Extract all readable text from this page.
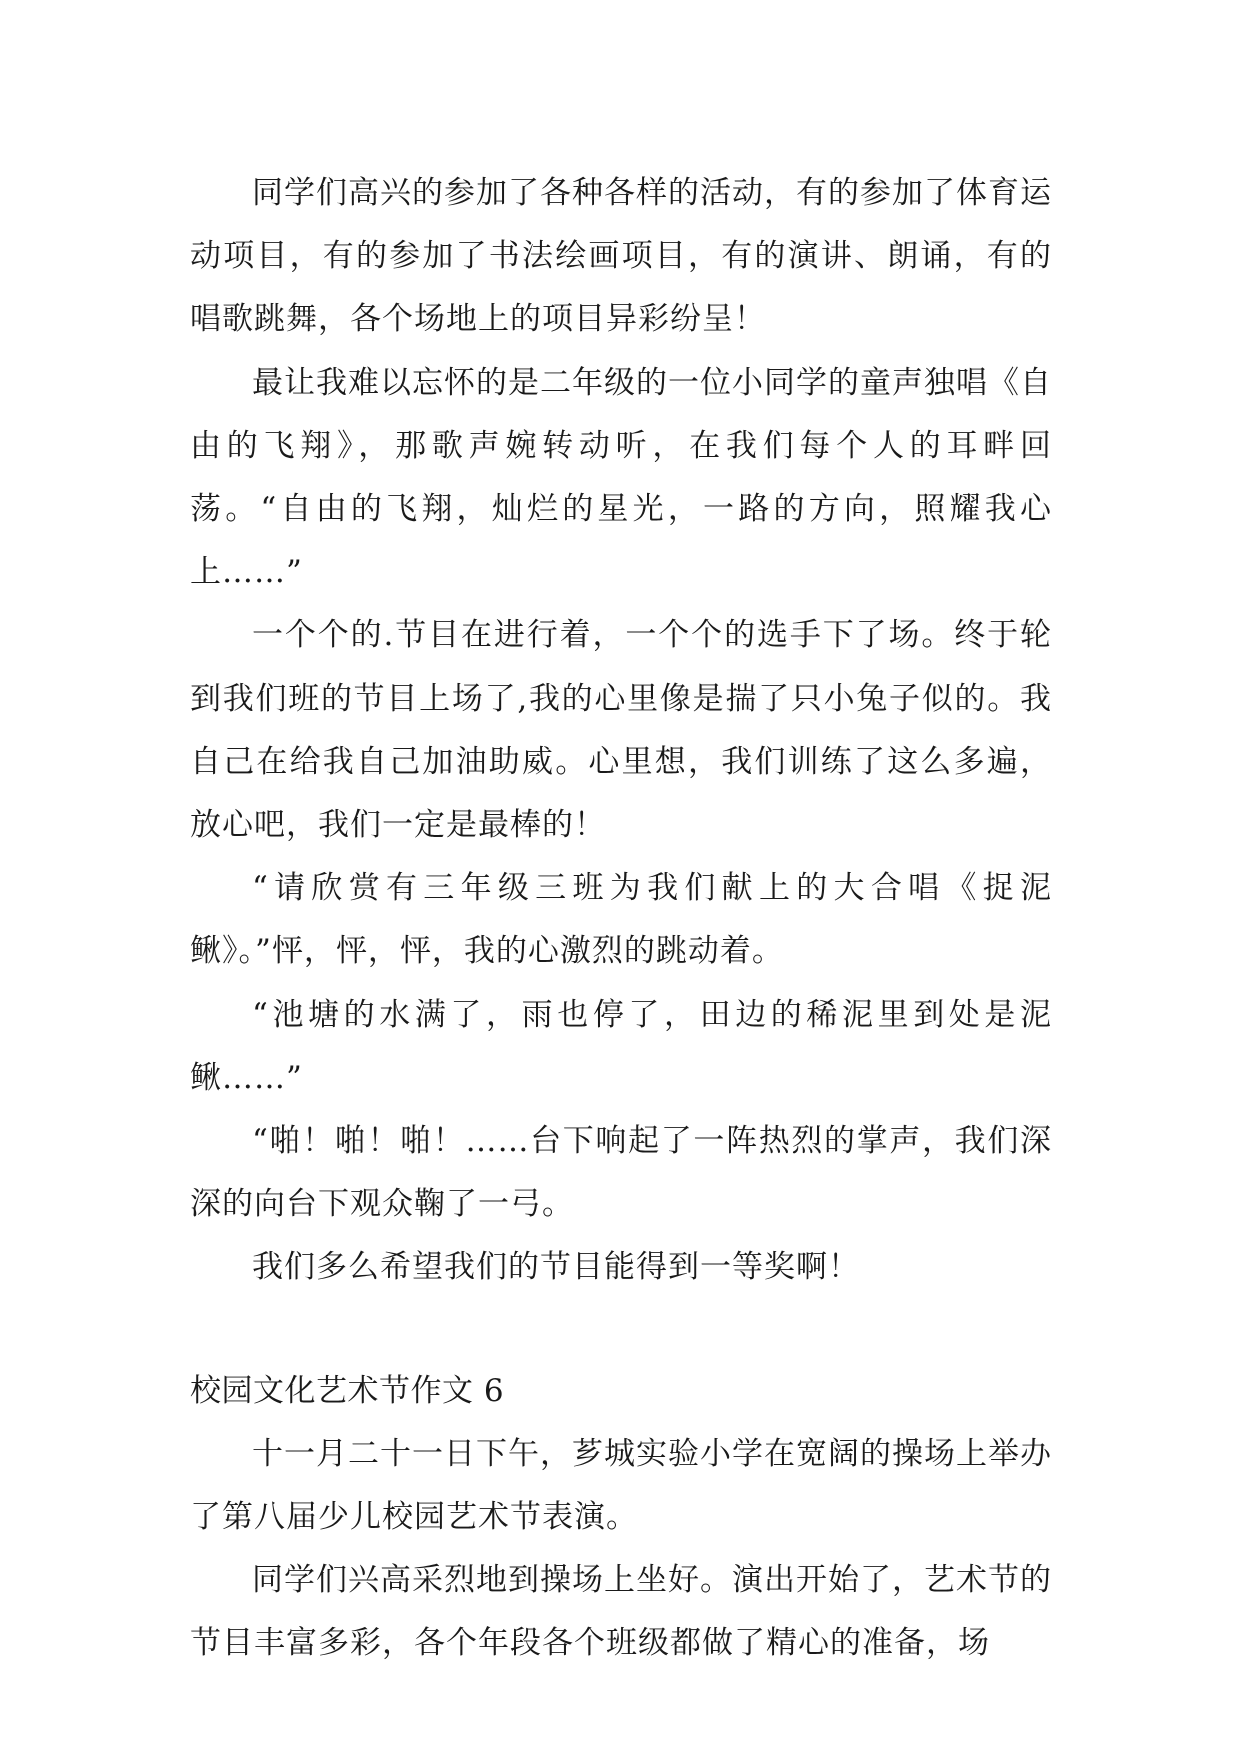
同学们高兴的参加了各种各样的活动，有的参加了体育运动项目，有的参加了书法绘画项目，有的演讲、朗诵，有的唱歌跳舞，各个场地上的项目异彩纷呈！

最让我难以忘怀的是二年级的一位小同学的童声独唱《自由的飞翔》，那歌声婉转动听，在我们每个人的耳畔回荡。“自由的飞翔，灿烂的星光，一路的方向，照耀我心上……”

一个个的.节目在进行着，一个个的选手下了场。终于轮到我们班的节目上场了,我的心里像是揣了只小兔子似的。我自己在给我自己加油助威。心里想，我们训练了这么多遍，放心吧，我们一定是最棒的！

“请欣赏有三年级三班为我们献上的大合唱《捉泥鳅》。”怦，怦，怦，我的心激烈的跳动着。

“池塘的水满了，雨也停了，田边的稀泥里到处是泥鳅……”

“啪！啪！啪！……台下响起了一阵热烈的掌声，我们深深的向台下观众鞠了一弓。

我们多么希望我们的节目能得到一等奖啊！

校园文化艺术节作文 6

十一月二十一日下午，芗城实验小学在宽阔的操场上举办了第八届少儿校园艺术节表演。

同学们兴高采烈地到操场上坐好。演出开始了，艺术节的节目丰富多彩，各个年段各个班级都做了精心的准备，场
